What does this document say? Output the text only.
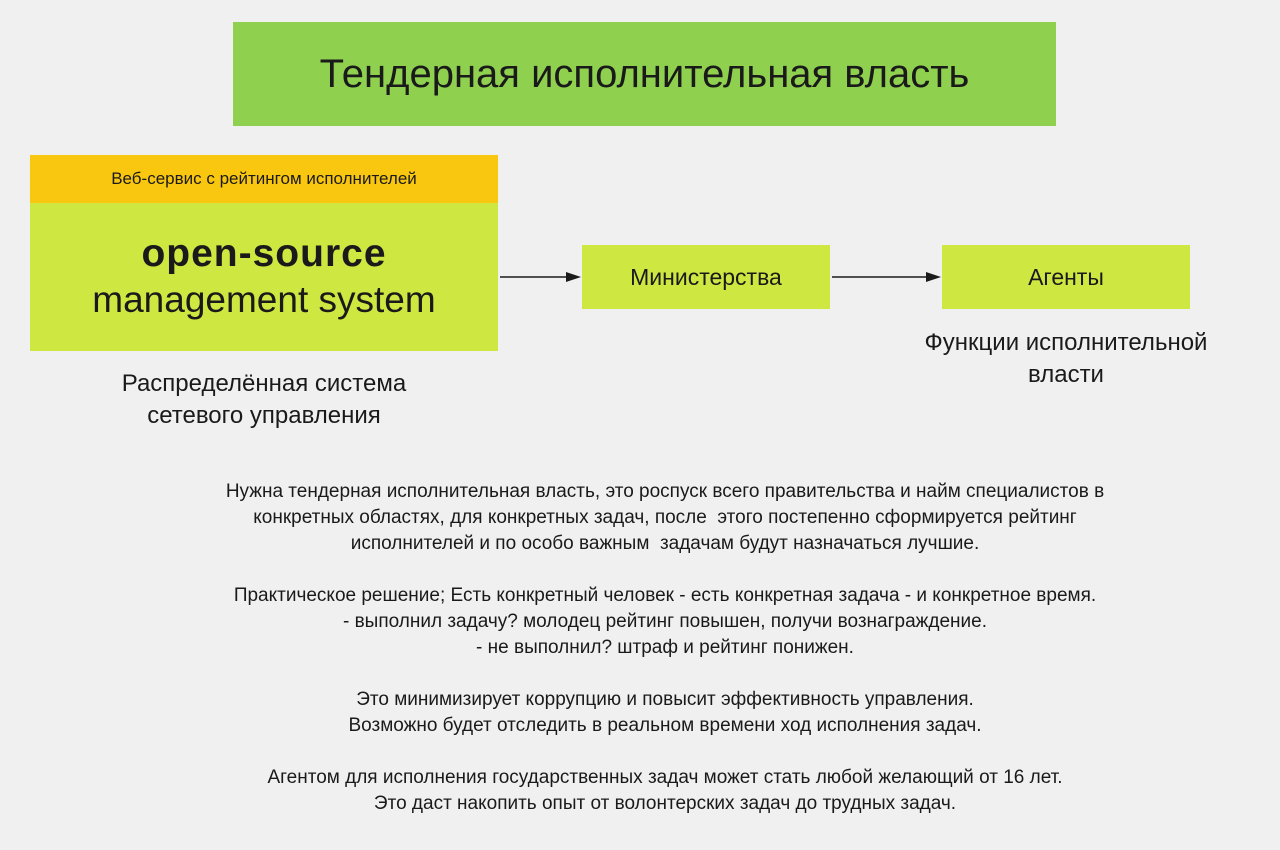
Тендерная исполнительная власть
Веб-сервис с рейтингом исполнителей
open-source
management system
Распределённая система
сетевого управления
Министерства	Агенты
Функции исполнительной
власти
Нужна тендерная исполнительная власть, это роспуск всего правительства и найм специалистов в
конкретных областях, для конкретных задач, после  этого постепенно сформируется рейтинг
исполнителей и по особо важным  задачам будут назначаться лучшие.
Практическое решение; Есть конкретный человек - есть конкретная задача - и конкретное время.
- выполнил задачу? молодец рейтинг повышен, получи вознаграждение.
- не выполнил? штраф и рейтинг понижен.
Это минимизирует коррупцию и повысит эффективность управления.
Возможно будет отследить в реальном времени ход исполнения задач.
Агентом для исполнения государственных задач может стать любой желающий от 16 лет.
Это даст накопить опыт от волонтерских задач до трудных задач.
